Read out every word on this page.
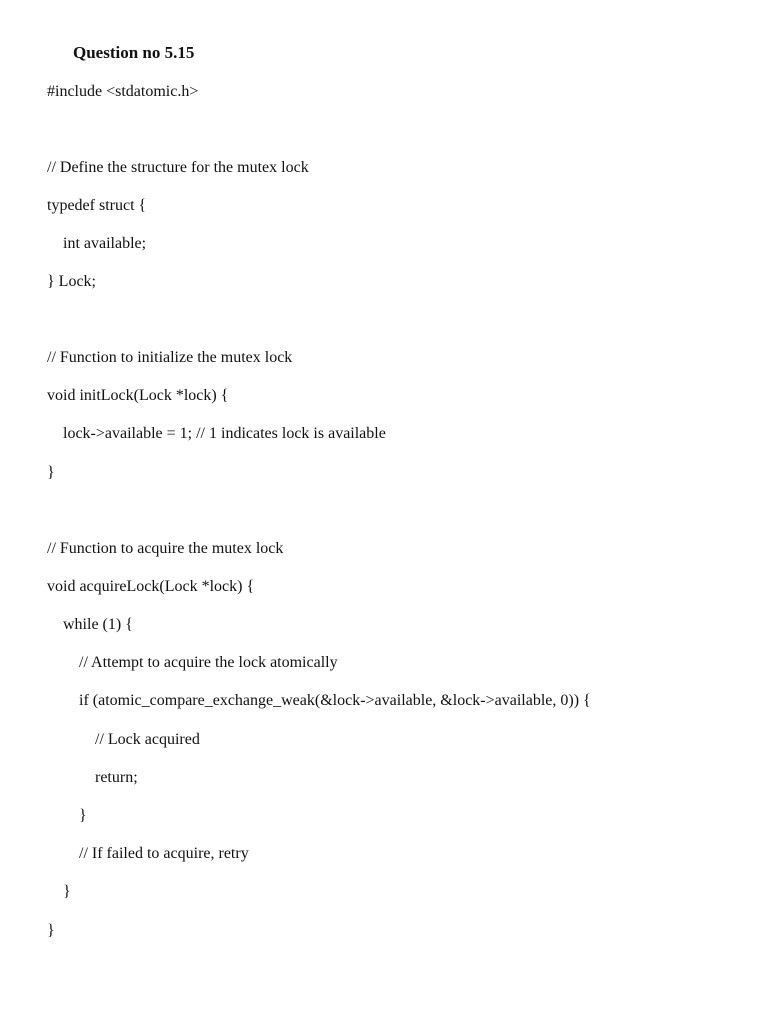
Question no 5.15
#include <stdatomic.h>
// Define the structure for the mutex lock
typedef struct {
int available;
} Lock;
// Function to initialize the mutex lock
void initLock(Lock *lock) {
lock->available = 1; // 1 indicates lock is available
}
// Function to acquire the mutex lock
void acquireLock(Lock *lock) {
while (1) {
// Attempt to acquire the lock atomically
if (atomic_compare_exchange_weak(&lock->available, &lock->available, 0)) {
// Lock acquired
return;
}
// If failed to acquire, retry
}
}
